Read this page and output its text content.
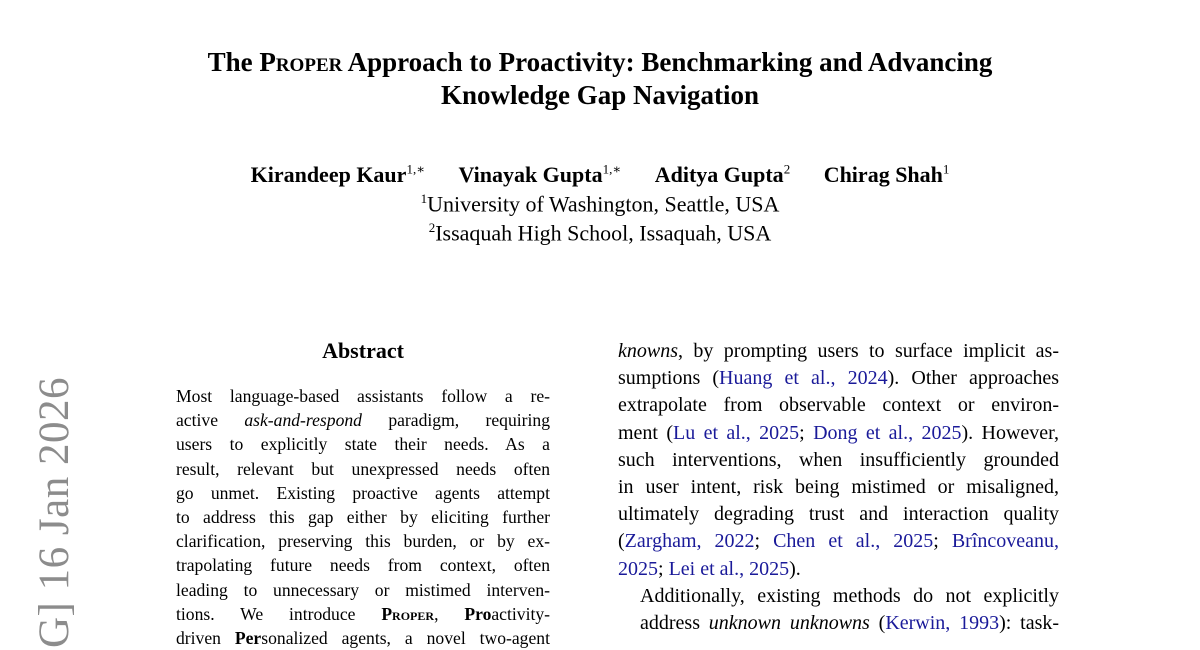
G] 16 Jan 2026
The Proper Approach to Proactivity: Benchmarking and Advancing
Knowledge Gap Navigation
Kirandeep Kaur$^{1,∗}$ Vinayak Gupta$^{1,∗}$ Aditya Gupta$^2$ Chirag Shah$^1$
$^1$University of Washington, Seattle, USA
$^2$Issaquah High School, Issaquah, USA
Abstract
Most language-based assistants follow a re-
active ask-and-respond paradigm, requiring
users to explicitly state their needs. As a
result, relevant but unexpressed needs often
go unmet. Existing proactive agents attempt
to address this gap either by eliciting further
clarification, preserving this burden, or by ex-
trapolating future needs from context, often
leading to unnecessary or mistimed interven-
tions. We introduce Proper, Proactivity-
driven Personalized agents, a novel two-agent

knowns, by prompting users to surface implicit as-
sumptions (Huang et al., 2024). Other approaches
extrapolate from observable context or environ-
ment (Lu et al., 2025; Dong et al., 2025). However,
such interventions, when insufficiently grounded
in user intent, risk being mistimed or misaligned,
ultimately degrading trust and interaction quality
(Zargham, 2022; Chen et al., 2025; Brîncoveanu,
2025; Lei et al., 2025).

Additionally, existing methods do not explicitly
address unknown unknowns (Kerwin, 1993): task-
